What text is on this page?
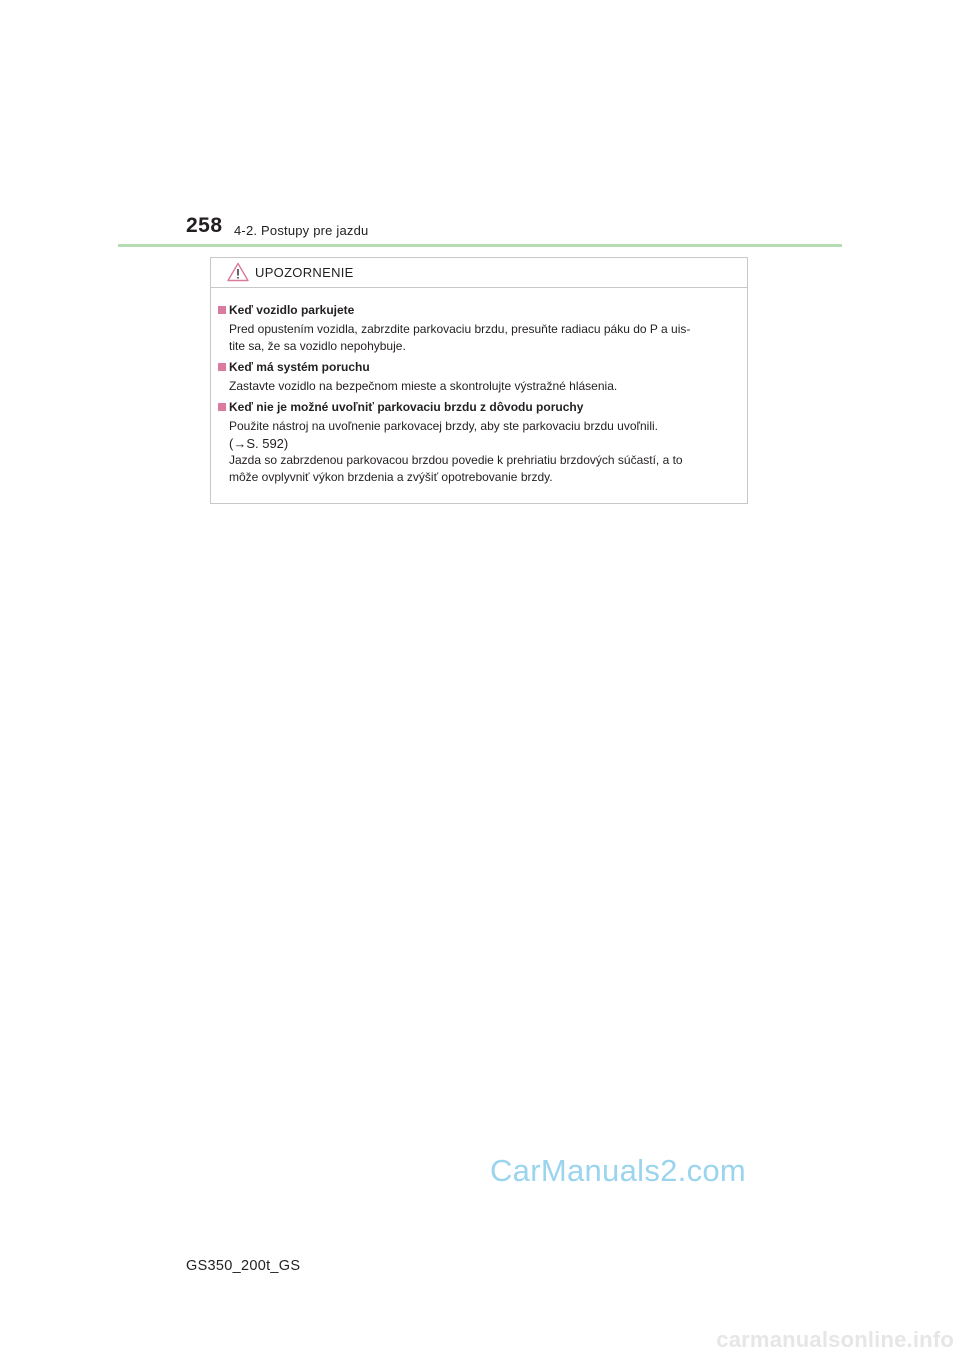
258 4-2. Postupy pre jazdu
UPOZORNENIE
Keď vozidlo parkujete

Pred opustením vozidla, zabrzdite parkovaciu brzdu, presuňte radiacu páku do P a uis-

tite sa, že sa vozidlo nepohybuje.

Keď má systém poruchu

Zastavte vozidlo na bezpečnom mieste a skontrolujte výstražné hlásenia.

Keď nie je možné uvoľniť parkovaciu brzdu z dôvodu poruchy

Použite nástroj na uvoľnenie parkovacej brzdy, aby ste parkovaciu brzdu uvoľnili.

(→S. 592)

Jazda so zabrzdenou parkovacou brzdou povedie k prehriatiu brzdových súčastí, a to

môže ovplyvniť výkon brzdenia a zvýšiť opotrebovanie brzdy.

CarManuals2.com
GS350_200t_GS
carmanualsonline.info
